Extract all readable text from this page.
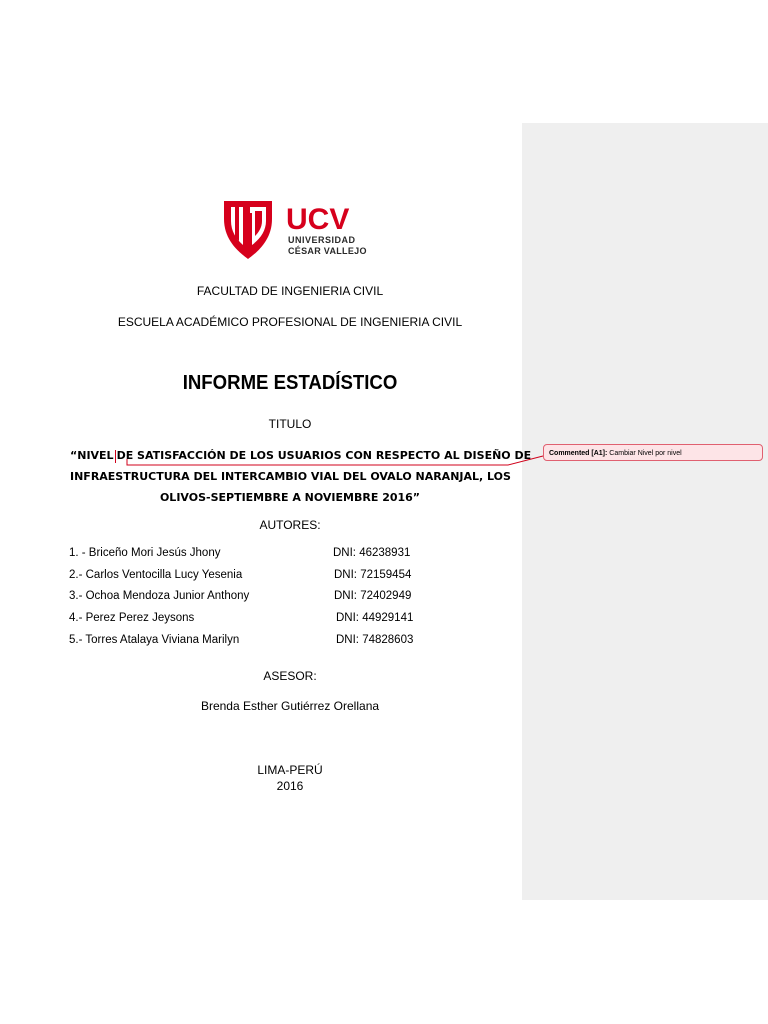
UCV
UNIVERSIDAD
CÉSAR VALLEJO
FACULTAD DE INGENIERIA CIVIL
ESCUELA ACADÉMICO PROFESIONAL DE INGENIERIA CIVIL
INFORME ESTADÍSTICO
TITULO
“NIVEL DE SATISFACCIÓN DE LOS USUARIOS CON RESPECTO AL DISEÑO DE
INFRAESTRUCTURA DEL INTERCAMBIO VIAL DEL OVALO NARANJAL, LOS
OLIVOS-SEPTIEMBRE A NOVIEMBRE 2016”
AUTORES:
1. - Briceño Mori Jesús Jhony	DNI: 46238931
2.- Carlos Ventocilla Lucy Yesenia	DNI: 72159454
3.- Ochoa Mendoza Junior Anthony	DNI: 72402949
4.- Perez Perez Jeysons	DNI: 44929141
5.- Torres Atalaya Viviana Marilyn	DNI: 74828603
ASESOR:
Brenda Esther Gutiérrez Orellana
LIMA-PERÚ
2016
Commented [A1]: Cambiar Nivel por nivel
